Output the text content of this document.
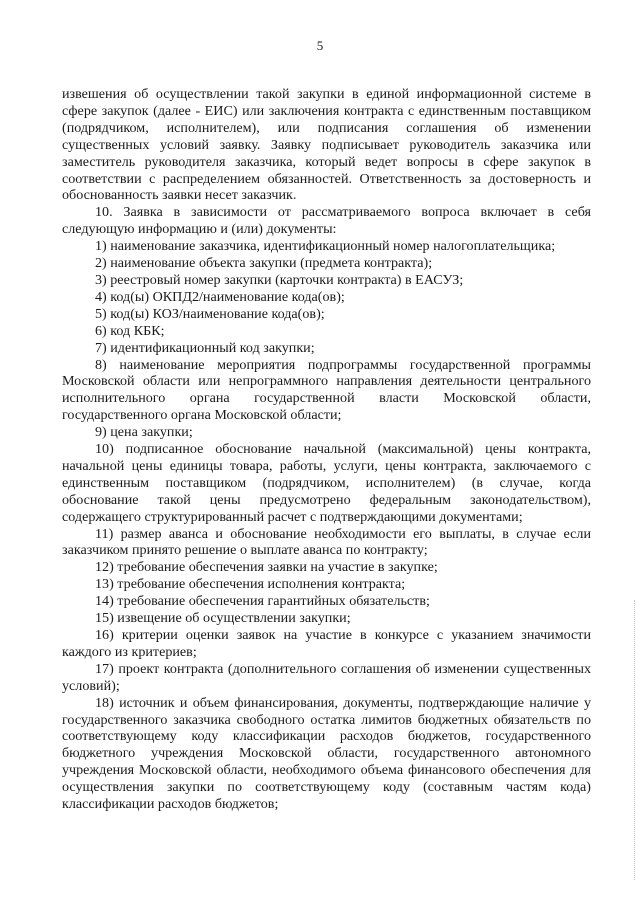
5

извешения об осуществлении такой закупки в единой информационной системе в сфере закупок (далее - ЕИС) или заключения контракта с единственным поставщиком (подрядчиком, исполнителем), или подписания соглашения об изменении существенных условий заявку. Заявку подписывает руководитель заказчика или заместитель руководителя заказчика, который ведет вопросы в сфере закупок в соответствии с распределением обязанностей. Ответственность за достоверность и обоснованность заявки несет заказчик.

10. Заявка в зависимости от рассматриваемого вопроса включает в себя следующую информацию и (или) документы:

1) наименование заказчика, идентификационный номер налогоплательщика;

2) наименование объекта закупки (предмета контракта);

3) реестровый номер закупки (карточки контракта) в ЕАСУЗ;

4) код(ы) ОКПД2/наименование кода(ов);

5) код(ы) КОЗ/наименование кода(ов);

6) код КБК;

7) идентификационный код закупки;

8) наименование мероприятия подпрограммы государственной программы Московской области или непрограммного направления деятельности центрального исполнительного органа государственной власти Московской области, государственного органа Московской области;

9) цена закупки;

10) подписанное обоснование начальной (максимальной) цены контракта, начальной цены единицы товара, работы, услуги, цены контракта, заключаемого с единственным поставщиком (подрядчиком, исполнителем) (в случае, когда обоснование такой цены предусмотрено федеральным законодательством), содержащего структурированный расчет с подтверждающими документами;

11) размер аванса и обоснование необходимости его выплаты, в случае если заказчиком принято решение о выплате аванса по контракту;

12) требование обеспечения заявки на участие в закупке;

13) требование обеспечения исполнения контракта;

14) требование обеспечения гарантийных обязательств;

15) извещение об осуществлении закупки;

16) критерии оценки заявок на участие в конкурсе с указанием значимости каждого из критериев;

17) проект контракта (дополнительного соглашения об изменении существенных условий);

18) источник и объем финансирования, документы, подтверждающие наличие у государственного заказчика свободного остатка лимитов бюджетных обязательств по соответствующему коду классификации расходов бюджетов, государственного бюджетного учреждения Московской области, государственного автономного учреждения Московской области, необходимого объема финансового обеспечения для осуществления закупки по соответствующему коду (составным частям кода) классификации расходов бюджетов;
